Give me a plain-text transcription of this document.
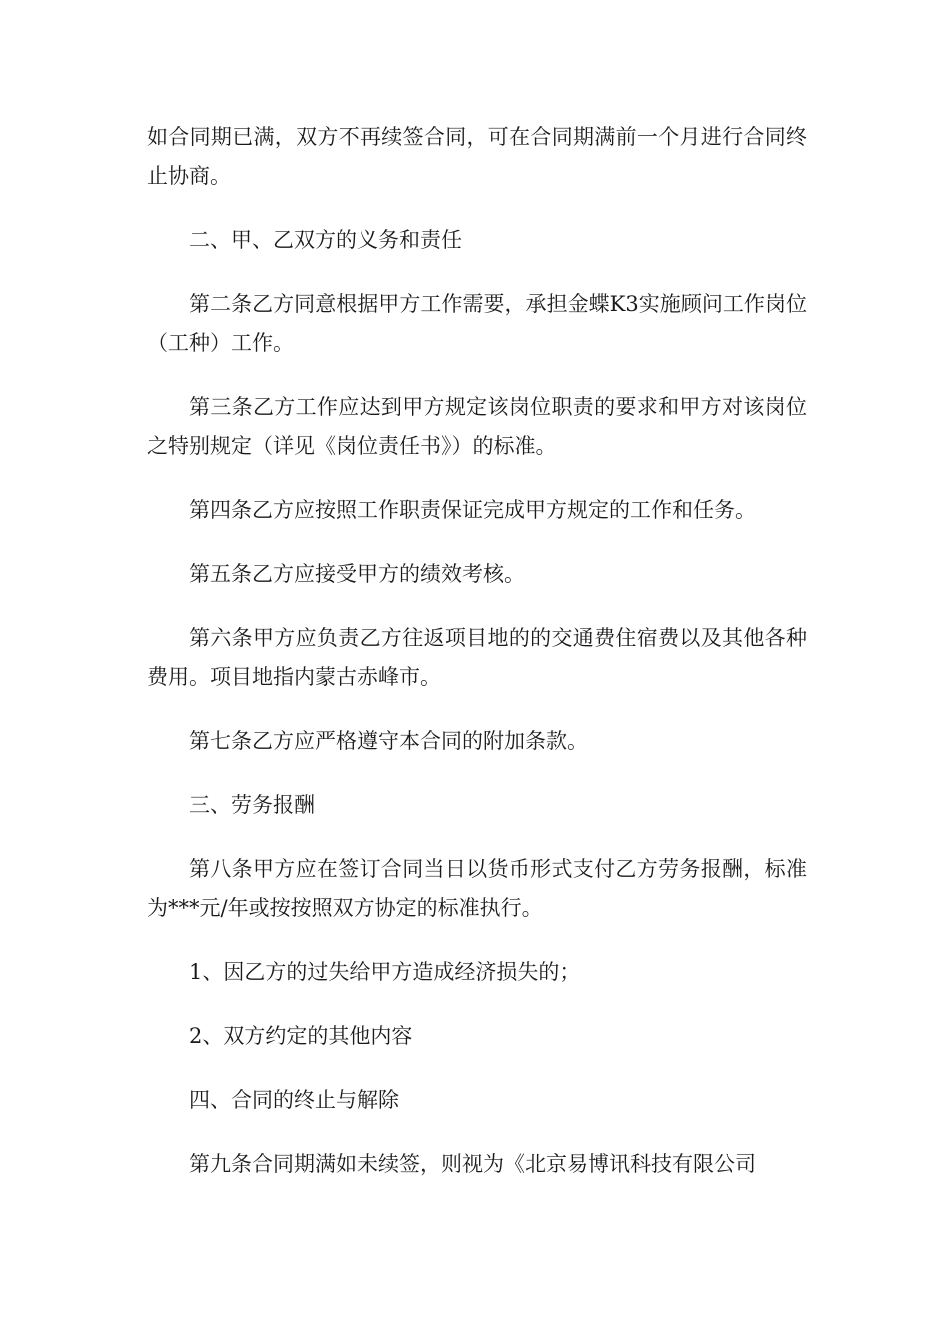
如合同期已满，双方不再续签合同，可在合同期满前一个月进行合同终止协商。

二、甲、乙双方的义务和责任

第二条乙方同意根据甲方工作需要，承担金蝶K3实施顾问工作岗位（工种）工作。

第三条乙方工作应达到甲方规定该岗位职责的要求和甲方对该岗位之特别规定（详见《岗位责任书》）的标准。

第四条乙方应按照工作职责保证完成甲方规定的工作和任务。

第五条乙方应接受甲方的绩效考核。

第六条甲方应负责乙方往返项目地的的交通费住宿费以及其他各种费用。项目地指内蒙古赤峰市。

第七条乙方应严格遵守本合同的附加条款。

三、劳务报酬

第八条甲方应在签订合同当日以货币形式支付乙方劳务报酬，标准为***元/年或按按照双方协定的标准执行。

1、因乙方的过失给甲方造成经济损失的；

2、双方约定的其他内容

四、合同的终止与解除

第九条合同期满如未续签，则视为《北京易博讯科技有限公司
